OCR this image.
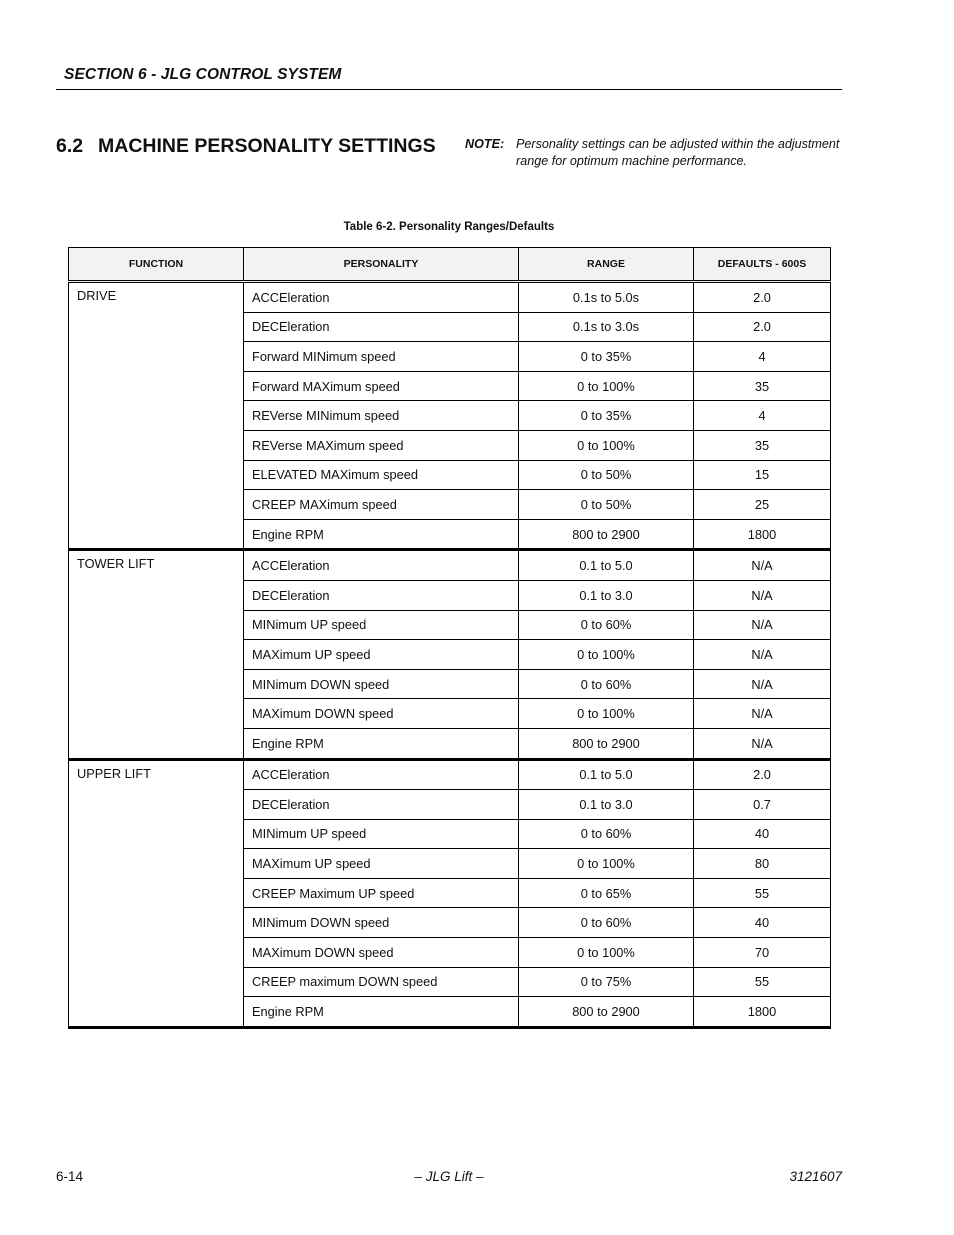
SECTION 6 - JLG CONTROL SYSTEM
6.2 MACHINE PERSONALITY SETTINGS NOTE: Personality settings can be adjusted within the adjustment range for optimum machine performance.
Table 6-2. Personality Ranges/Defaults
FUNCTION	PERSONALITY	RANGE	DEFAULTS - 600S
DRIVE	ACCEleration	0.1s to 5.0s	2.0
	DECEleration	0.1s to 3.0s	2.0
	Forward MINimum speed	0 to 35%	4
	Forward MAXimum speed	0 to 100%	35
	REVerse MINimum speed	0 to 35%	4
	REVerse MAXimum speed	0 to 100%	35
	ELEVATED MAXimum speed	0 to 50%	15
	CREEP MAXimum speed	0 to 50%	25
	Engine RPM	800 to 2900	1800
TOWER LIFT	ACCEleration	0.1 to 5.0	N/A
	DECEleration	0.1 to 3.0	N/A
	MINimum UP speed	0 to 60%	N/A
	MAXimum UP speed	0 to 100%	N/A
	MINimum DOWN speed	0 to 60%	N/A
	MAXimum DOWN speed	0 to 100%	N/A
	Engine RPM	800 to 2900	N/A
UPPER LIFT	ACCEleration	0.1 to 5.0	2.0
	DECEleration	0.1 to 3.0	0.7
	MINimum UP speed	0 to 60%	40
	MAXimum UP speed	0 to 100%	80
	CREEP Maximum UP speed	0 to 65%	55
	MINimum DOWN speed	0 to 60%	40
	MAXimum DOWN speed	0 to 100%	70
	CREEP maximum DOWN speed	0 to 75%	55
	Engine RPM	800 to 2900	1800
6-14	– JLG Lift –	3121607
